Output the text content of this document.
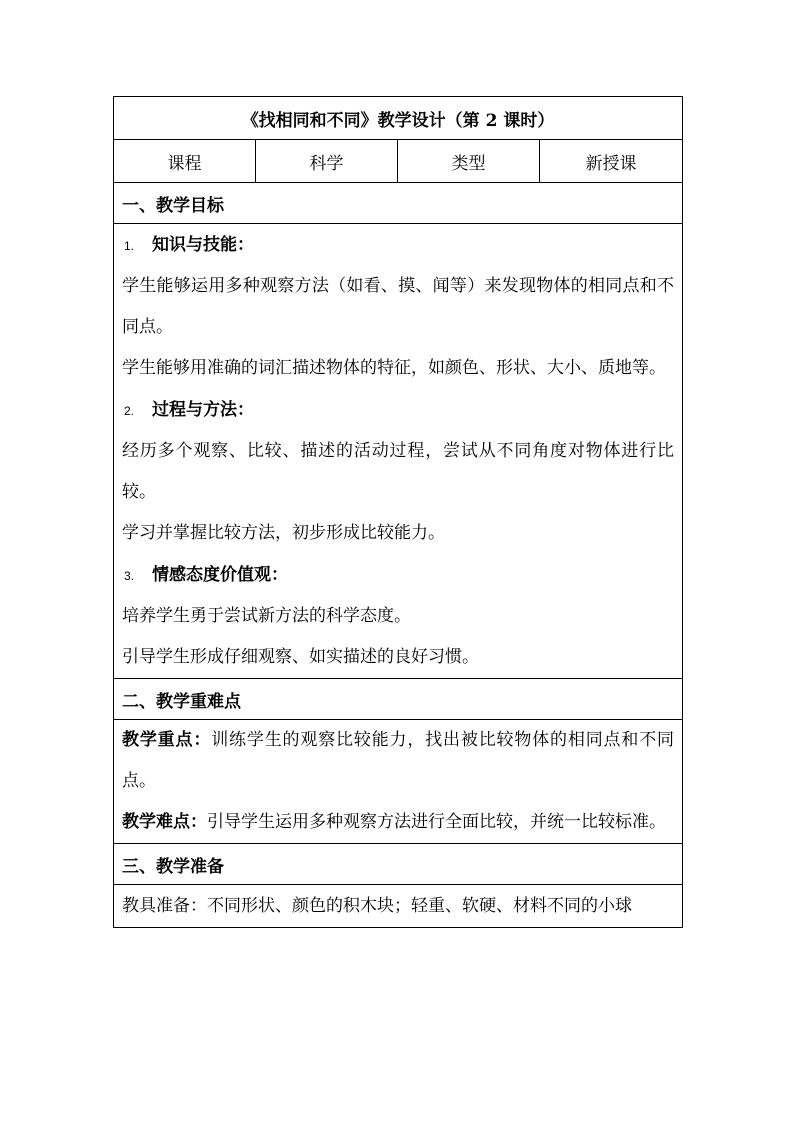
《找相同和不同》教学设计（第 2 课时）
课程	科学	类型	新授课
一、教学目标

1. 知识与技能：

学生能够运用多种观察方法（如看、摸、闻等）来发现物体的相同点和不同点。

学生能够用准确的词汇描述物体的特征，如颜色、形状、大小、质地等。

2. 过程与方法：

经历多个观察、比较、描述的活动过程，尝试从不同角度对物体进行比较。

学习并掌握比较方法，初步形成比较能力。

3. 情感态度价值观：

培养学生勇于尝试新方法的科学态度。

引导学生形成仔细观察、如实描述的良好习惯。

二、教学重难点

教学重点：训练学生的观察比较能力，找出被比较物体的相同点和不同点。

教学难点：引导学生运用多种观察方法进行全面比较，并统一比较标准。

三、教学准备

教具准备：不同形状、颜色的积木块；轻重、软硬、材料不同的小球
